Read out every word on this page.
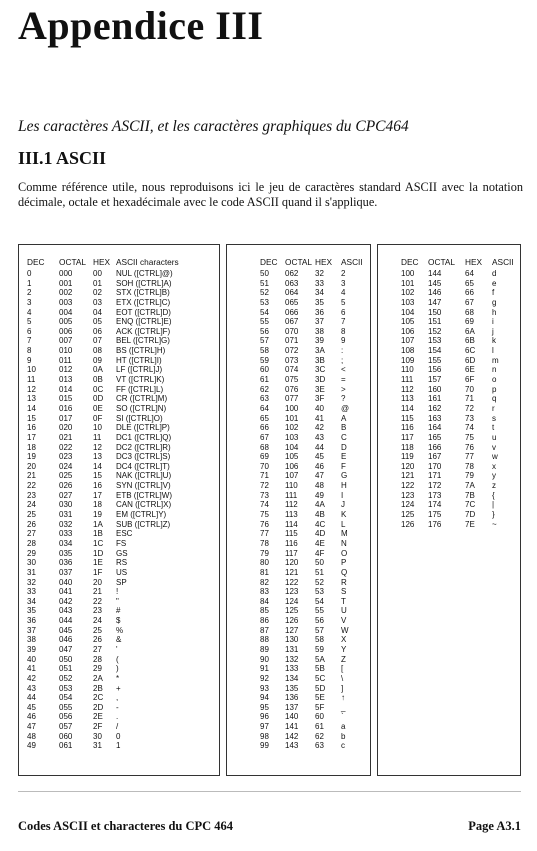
Appendice III
Les caractères ASCII, et les caractères graphiques du CPC464
III.1 ASCII
Comme référence utile, nous reproduisons ici le jeu de caractères standard ASCII avec la notation décimale, octale et hexadécimale avec le code ASCII quand il s'applique.
DEC OCTAL HEX ASCII characters
0	000	00 NUL ([CTRL]@)
1	001	01 SOH ([CTRL]A)
2	002	02 STX ([CTRL]B)
3	003	03 ETX ([CTRL]C)
4	004	04 EOT ([CTRL]D)
5	005	05 ENQ ([CTRL]E)
6	006	06 ACK ([CTRL]F)
7	007	07 BEL ([CTRL]G)
8	010	08 BS ([CTRL]H)
9	011	09 HT ([CTRL]I)
10	012	0A LF ([CTRL]J)
11	013	0B VT ([CTRL]K)
12	014	0C FF ([CTRL]L)
13	015	0D CR ([CTRL]M)
14	016	0E SO ([CTRL]N)
15	017	0F SI ([CTRL]O)
16	020	10 DLE ([CTRL]P)
17	021	11 DC1 ([CTRL]Q)
18	022	12 DC2 ([CTRL]R)
19	023	13 DC3 ([CTRL]S)
20	024	14 DC4 ([CTRL]T)
21	025	15 NAK ([CTRL]U)
22	026	16 SYN ([CTRL]V)
23	027	17 ETB ([CTRL]W)
24	030	18 CAN ([CTRL]X)
25	031	19 EM ([CTRL]Y)
26	032	1A SUB ([CTRL]Z)
27	033	1B ESC
28	034	1C FS
29	035	1D GS
30	036	1E RS
31	037	1F US
32	040	20 SP
33	041	21 !
34	042	22 "
35	043	23 #
36	044	24 $
37	045	25 %
38	046	26 &
39	047	27 '
40	050	28 (
41	051	29 )
42	052	2A *
43	053	2B +
44	054	2C ,
45	055	2D -
46	056	2E .
47	057	2F /
48	060	30 0
49	061	31 1
DEC OCTAL HEX ASCII
50 062 32 2
51 063 33 3
52 064 34 4
53 065 35 5
54 066 36 6
55 067 37 7
56 070 38 8
57 071 39 9
58 072 3A :
59 073 3B ;
60 074 3C <
61 075 3D =
62 076 3E >
63 077 3F ?
64 100 40 @
65 101 41 A
66 102 42 B
67 103 43 C
68 104 44 D
69 105 45 E
70 106 46 F
71 107 47 G
72 110 48 H
73 111 49 I
74 112 4A J
75 113 4B K
76 114 4C L
77 115 4D M
78 116 4E N
79 117 4F O
80 120 50 P
81 121 51 Q
82 122 52 R
83 123 53 S
84 124 54 T
85 125 55 U
86 126 56 V
87 127 57 W
88 130 58 X
89 131 59 Y
90 132 5A Z
91 133 5B [
92 134 5C \
93 135 5D ]
94 136 5E ↑
95 137 5F _
96 140 60 `
97 141 61 a
98 142 62 b
99 143 63 c
DEC OCTAL HEX ASCII
100 144	64 d
101 145	65 e
102 146	66 f
103 147	67 g
104 150	68 h
105 151	69 i
106 152	6A j
107 153	6B k
108 154	6C l
109 155	6D m
110 156	6E n
111 157	6F o
112 160	70 p
113 161	71 q
114 162	72 r
115 163	73 s
116 164	74 t
117 165	75 u
118 166	76 v
119 167	77 w
120 170	78 x
121 171	79 y
122 172	7A z
123 173	7B {
124 174	7C |
125 175	7D }
126 176	7E ~
Codes ASCII et characteres du CPC 464	Page A3.1
